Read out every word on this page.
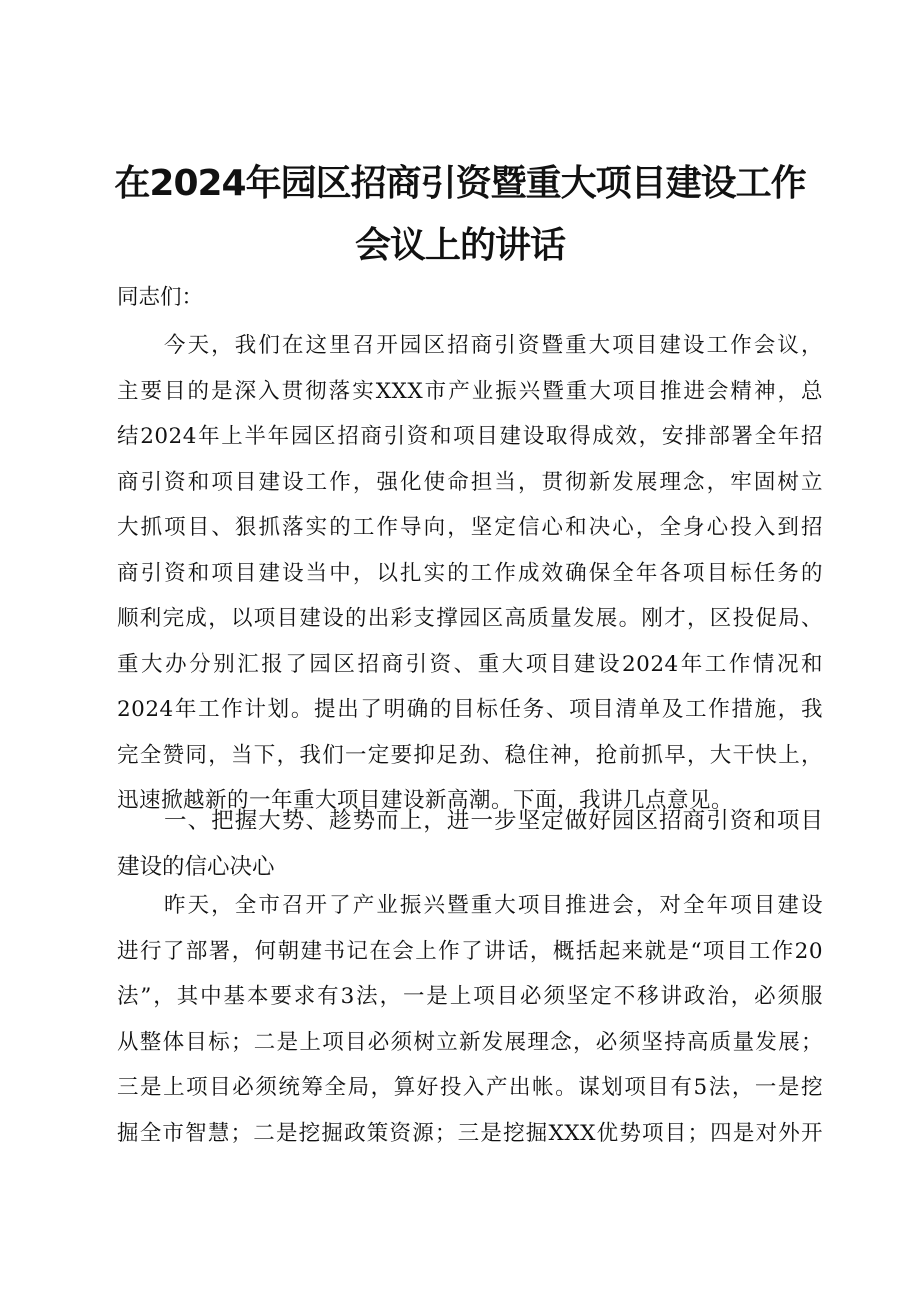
在2024年园区招商引资暨重大项目建设工作
会议上的讲话
同志们：
今天，我们在这里召开园区招商引资暨重大项目建设工作会议，
主要目的是深入贯彻落实XXX市产业振兴暨重大项目推进会精神，总
结2024年上半年园区招商引资和项目建设取得成效，安排部署全年招
商引资和项目建设工作，强化使命担当，贯彻新发展理念，牢固树立
大抓项目、狠抓落实的工作导向，坚定信心和决心，全身心投入到招
商引资和项目建设当中，以扎实的工作成效确保全年各项目标任务的
顺利完成，以项目建设的出彩支撑园区高质量发展。刚才，区投促局、
重大办分别汇报了园区招商引资、重大项目建设2024年工作情况和
2024年工作计划。提出了明确的目标任务、项目清单及工作措施，我
完全赞同，当下，我们一定要抑足劲、稳住神，抢前抓早，大干快上，
迅速掀越新的一年重大项目建设新高潮。下面，我讲几点意见。
一、把握大势、趁势而上，进一步坚定做好园区招商引资和项目
建设的信心决心
昨天，全市召开了产业振兴暨重大项目推进会，对全年项目建设
进行了部署，何朝建书记在会上作了讲话，概括起来就是“项目工作20
法”，其中基本要求有3法，一是上项目必须坚定不移讲政治，必须服
从整体目标；二是上项目必须树立新发展理念，必须坚持高质量发展；
三是上项目必须统筹全局，算好投入产出帐。谋划项目有5法，一是挖
掘全市智慧；二是挖掘政策资源；三是挖掘XXX优势项目；四是对外开
